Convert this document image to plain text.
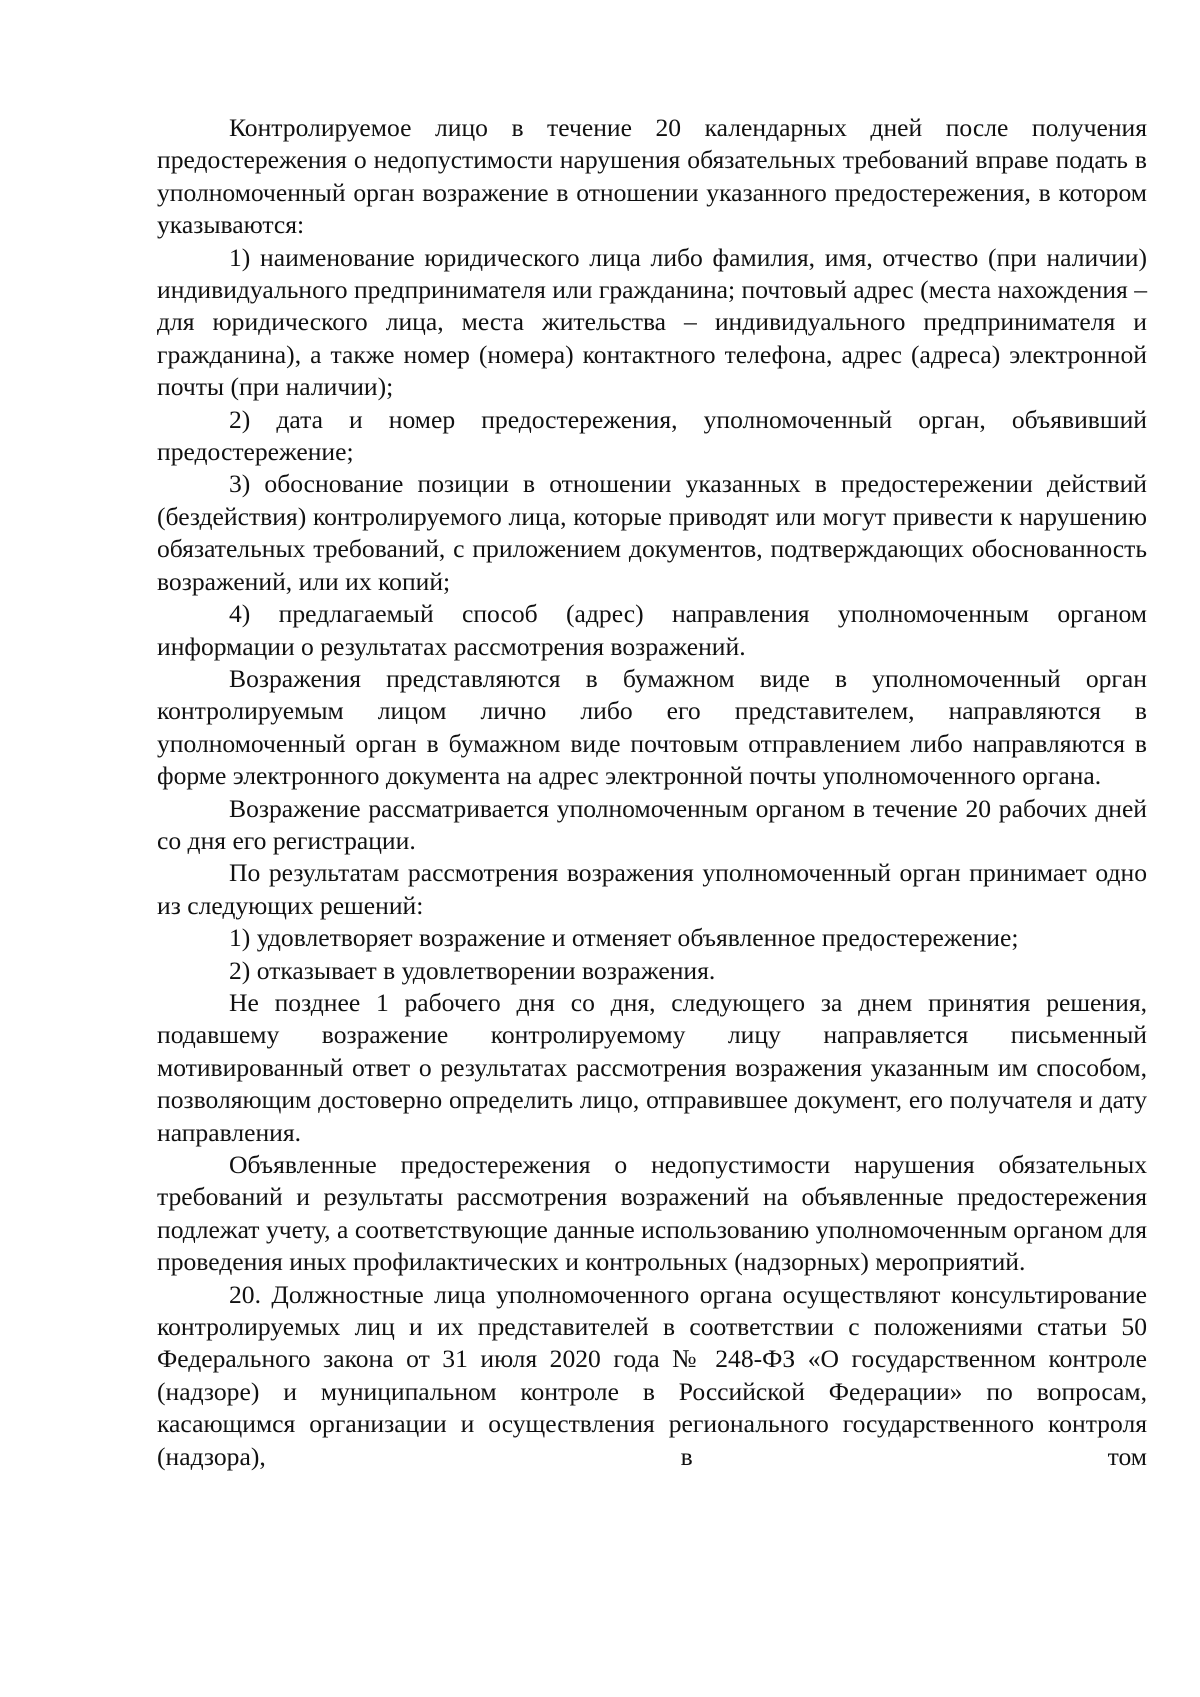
Контролируемое лицо в течение 20 календарных дней после получения предостережения о недопустимости нарушения обязательных требований вправе подать в уполномоченный орган возражение в отношении указанного предостережения, в котором указываются:

1) наименование юридического лица либо фамилия, имя, отчество (при наличии) индивидуального предпринимателя или гражданина; почтовый адрес (места нахождения – для юридического лица, места жительства – индивидуального предпринимателя и гражданина), а также номер (номера) контактного телефона, адрес (адреса) электронной почты (при наличии);

2) дата и номер предостережения, уполномоченный орган, объявивший предостережение;

3) обоснование позиции в отношении указанных в предостережении действий (бездействия) контролируемого лица, которые приводят или могут привести к нарушению обязательных требований, с приложением документов, подтверждающих обоснованность возражений, или их копий;

4) предлагаемый способ (адрес) направления уполномоченным органом информации о результатах рассмотрения возражений.

Возражения представляются в бумажном виде в уполномоченный орган контролируемым лицом лично либо его представителем, направляются в уполномоченный орган в бумажном виде почтовым отправлением либо направляются в форме электронного документа на адрес электронной почты уполномоченного органа.

Возражение рассматривается уполномоченным органом в течение 20 рабочих дней со дня его регистрации.

По результатам рассмотрения возражения уполномоченный орган принимает одно из следующих решений:

1) удовлетворяет возражение и отменяет объявленное предостережение;

2) отказывает в удовлетворении возражения.

Не позднее 1 рабочего дня со дня, следующего за днем принятия решения, подавшему возражение контролируемому лицу направляется письменный мотивированный ответ о результатах рассмотрения возражения указанным им способом, позволяющим достоверно определить лицо, отправившее документ, его получателя и дату направления.

Объявленные предостережения о недопустимости нарушения обязательных требований и результаты рассмотрения возражений на объявленные предостережения подлежат учету, а соответствующие данные использованию уполномоченным органом для проведения иных профилактических и контрольных (надзорных) мероприятий.

20. Должностные лица уполномоченного органа осуществляют консультирование контролируемых лиц и их представителей в соответствии с положениями статьи 50 Федерального закона от 31 июля 2020 года № 248-ФЗ «О государственном контроле (надзоре) и муниципальном контроле в Российской Федерации» по вопросам, касающимся организации и осуществления регионального государственного контроля (надзора), в том
